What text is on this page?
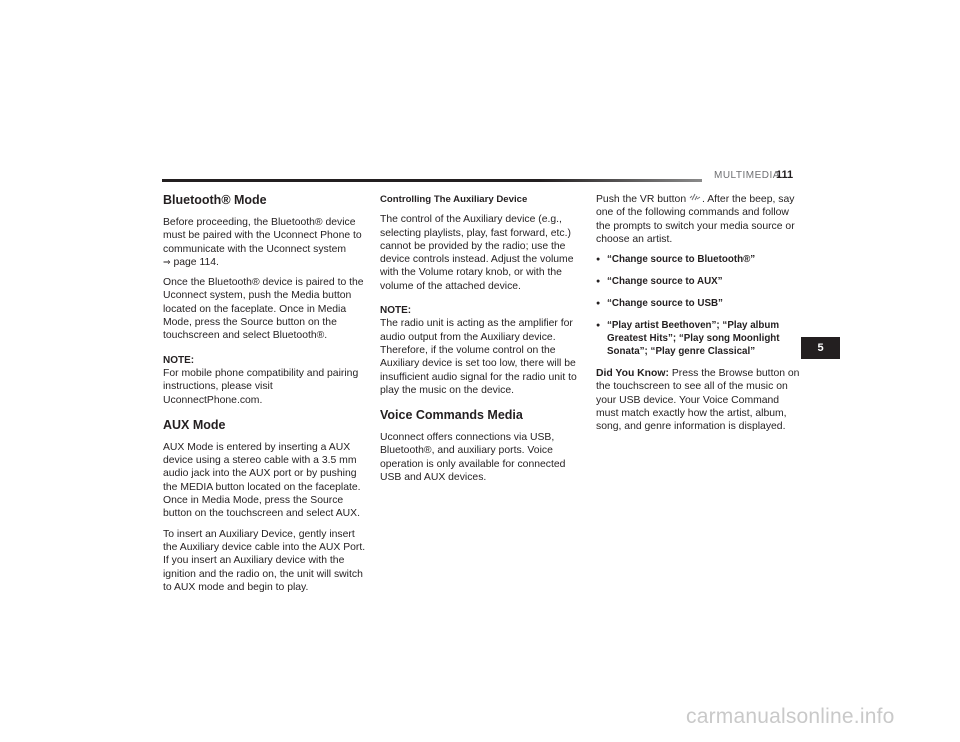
MULTIMEDIA
111
Bluetooth® Mode

Before proceeding, the Bluetooth® device must be paired with the Uconnect Phone to communicate with the Uconnect system
⇒ page 114.

Once the Bluetooth® device is paired to the Uconnect system, push the Media button located on the faceplate. Once in Media Mode, press the Source button on the touchscreen and select Bluetooth®.

NOTE:
For mobile phone compatibility and pairing instructions, please visit UconnectPhone.com.

AUX Mode

AUX Mode is entered by inserting a AUX device using a stereo cable with a 3.5 mm audio jack into the AUX port or by pushing the MEDIA button located on the faceplate. Once in Media Mode, press the Source button on the touchscreen and select AUX.

To insert an Auxiliary Device, gently insert the Auxiliary device cable into the AUX Port. If you insert an Auxiliary device with the ignition and the radio on, the unit will switch to AUX mode and begin to play.

Controlling The Auxiliary Device

The control of the Auxiliary device (e.g., selecting playlists, play, fast forward, etc.) cannot be provided by the radio; use the device controls instead. Adjust the volume with the Volume rotary knob, or with the volume of the attached device.

NOTE:
The radio unit is acting as the amplifier for audio output from the Auxiliary device. Therefore, if the volume control on the Auxiliary device is set too low, there will be insufficient audio signal for the radio unit to play the music on the device.

Voice Commands Media

Uconnect offers connections via USB, Bluetooth®, and auxiliary ports. Voice operation is only available for connected USB and AUX devices.

Push the VR button . After the beep, say one of the following commands and follow the prompts to switch your media source or choose an artist.

● “Change source to Bluetooth®”
● “Change source to AUX”
● “Change source to USB”
● “Play artist Beethoven”; “Play album Greatest Hits”; “Play song Moonlight Sonata”; “Play genre Classical”

Did You Know: Press the Browse button on the touchscreen to see all of the music on your USB device. Your Voice Command must match exactly how the artist, album, song, and genre information is displayed.

5
carmanualsonline.info
